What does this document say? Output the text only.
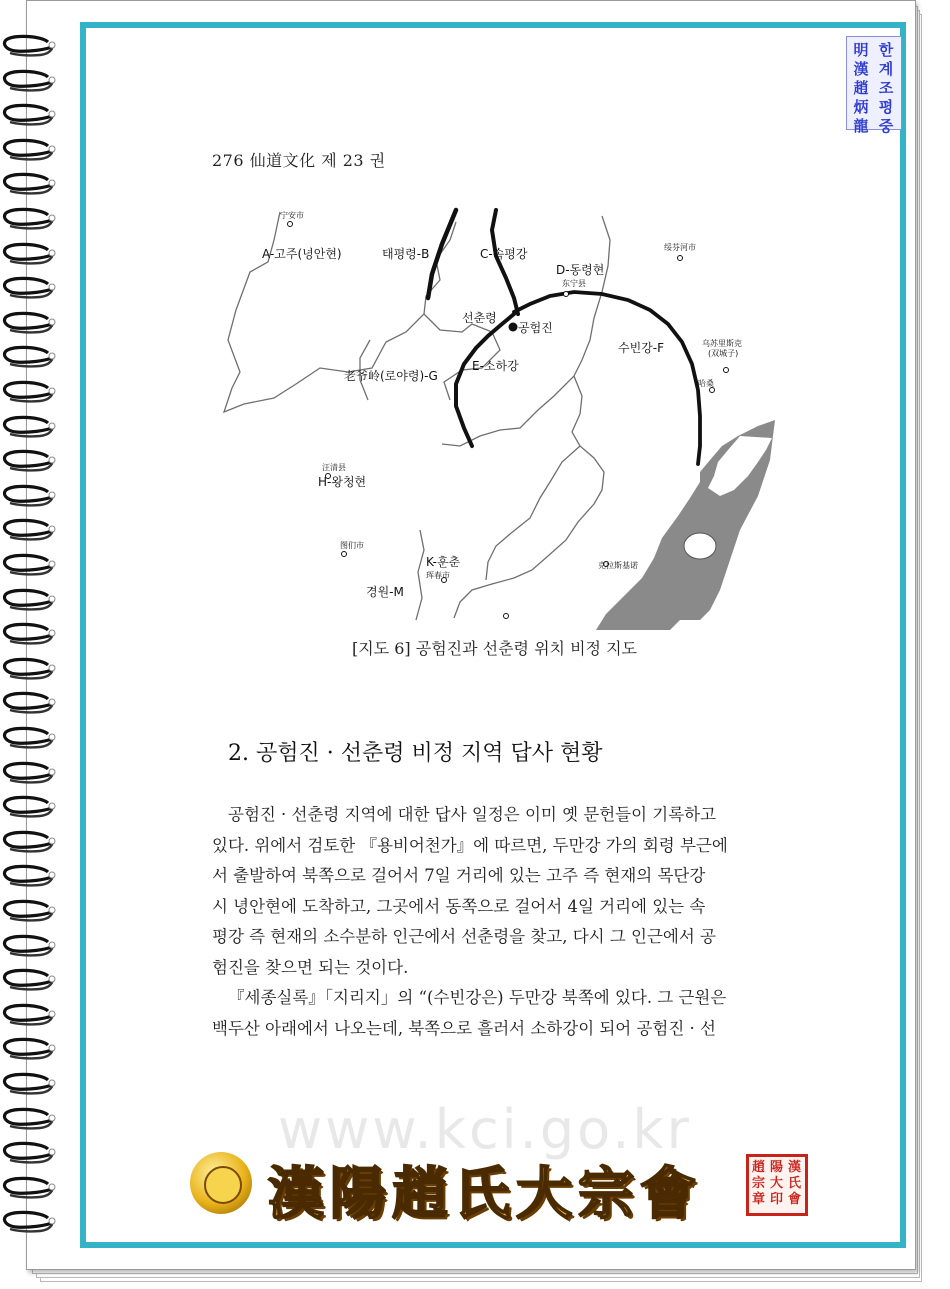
한
계
조
평
중
明
漢
趙
炳
龍
276 仙道文化 제 23 권
宁安市
东宁县
绥芬河市
乌苏里斯克
(双城子)
哈桑
汪清县
珲春市
图们市
克拉斯基诺
A-고주(녕안현)	태평령-B	C-속평강
D-동령현
선춘령
공험진
수빈강-F
E-소하강
老爷岭(로야령)-G
H-왕청현
K-훈춘
경원-M
[지도 6] 공험진과 선춘령 위치 비정 지도
2. 공험진 · 선춘령 비정 지역 답사 현황

공험진 · 선춘령 지역에 대한 답사 일정은 이미 옛 문헌들이 기록하고
있다. 위에서 검토한 『용비어천가』에 따르면, 두만강 가의 회령 부근에
서 출발하여 북쪽으로 걸어서 7일 거리에 있는 고주 즉 현재의 목단강
시 녕안현에 도착하고, 그곳에서 동쪽으로 걸어서 4일 거리에 있는 속
평강 즉 현재의 소수분하 인근에서 선춘령을 찾고, 다시 그 인근에서 공
험진을 찾으면 되는 것이다.
『세종실록』「지리지」의 “(수빈강은) 두만강 북쪽에 있다. 그 근원은
백두산 아래에서 나오는데, 북쪽으로 흘러서 소하강이 되어 공험진 · 선

www.kci.go.kr
漢陽趙氏大宗會	漢
氏
會
陽
大
印
趙
宗
章
